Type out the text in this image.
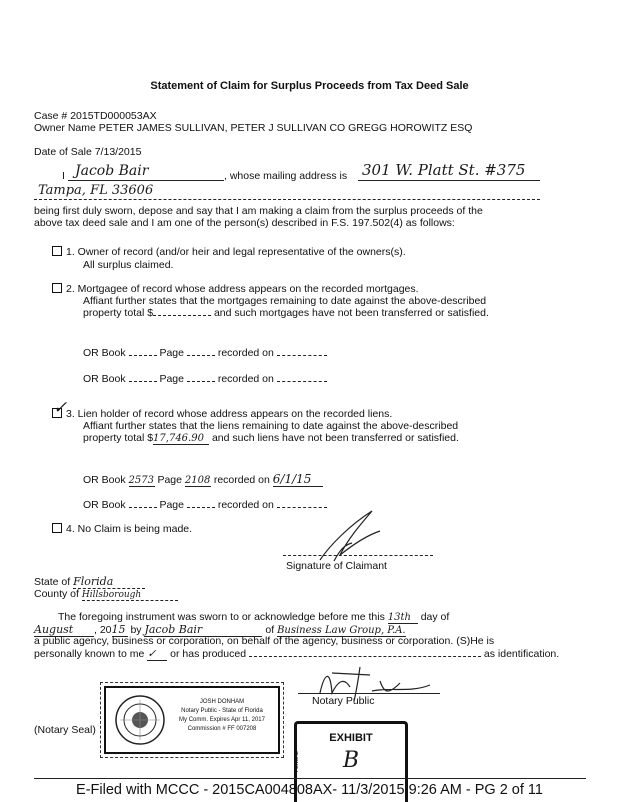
Statement of Claim for Surplus Proceeds from Tax Deed Sale
Case # 2015TD000053AX
Owner Name PETER JAMES SULLIVAN, PETER J SULLIVAN CO GREGG HOROWITZ ESQ
Date of Sale 7/13/2015
I Jacob Bair	, whose mailing address is 301 W. Platt St. #375
Tampa, FL 33606
being first duly sworn, depose and say that I am making a claim from the surplus proceeds of the
above tax deed sale and I am one of the person(s) described in F.S. 197.502(4) as follows:
1. Owner of record (and/or heir and legal representative of the owners(s).
All surplus claimed.
2. Mortgagee of record whose address appears on the recorded mortgages.
Affiant further states that the mortgages remaining to date against the above-described
property total $	and such mortgages have not been transferred or satisfied.
OR Book	Page	recorded on
OR Book	Page	recorded on
3. Lien holder of record whose address appears on the recorded liens.
✓
Affiant further states that the liens remaining to date against the above-described
property total $17,746.90 and such liens have not been transferred or satisfied.
OR Book 2573 Page 2108 recorded on 6/1/15
OR Book	Page	recorded on
4. No Claim is being made.
Signature of Claimant
State of Florida
County of Hillsborough
The foregoing instrument was sworn to or acknowledge before me this 13th day of
August , 2015 by Jacob Bair	of Business Law Group, P.A.
a public agency, business or corporation, on behalf of the agency, business or corporation. (S)He is
personally known to me ✓ or has produced	as identification.
Notary Public
(Notary Seal)
JOSH DONHAM
Notary Public - State of Florida
My Comm. Expires Apr 11, 2017
Commission # FF 007208
EXHIBIT
B
PENGAD
E-Filed with MCCC - 2015CA004808AX- 11/3/2015 9:26 AM - PG 2 of 11
